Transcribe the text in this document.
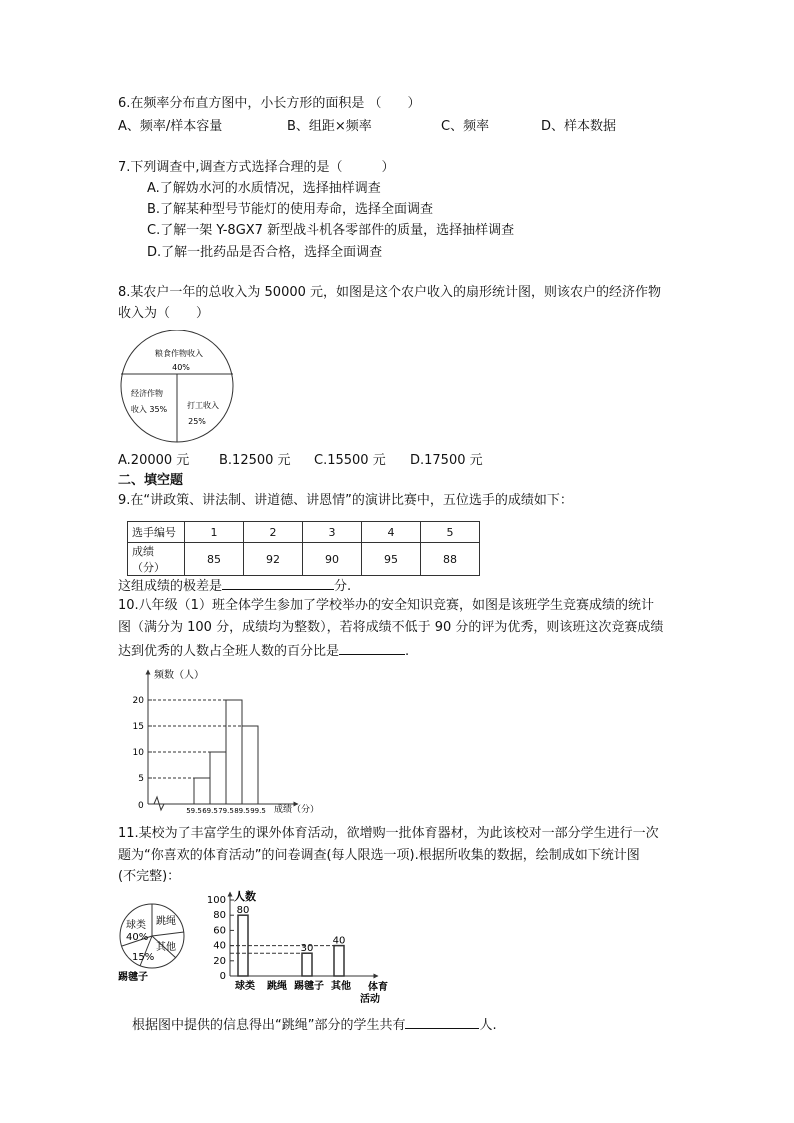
6.在频率分布直方图中，小长方形的面积是 （　　）
A、频率/样本容量	B、组距×频率	C、频率	D、样本数据
7.下列调查中,调查方式选择合理的是（　　　）
A.了解妫水河的水质情况，选择抽样调查
B.了解某种型号节能灯的使用寿命，选择全面调查
C.了解一架 Y-8GX7 新型战斗机各零部件的质量，选择抽样调查
D.了解一批药品是否合格，选择全面调查
8.某农户一年的总收入为 50000 元，如图是这个农户收入的扇形统计图，则该农户的经济作物
收入为（　　）
粮食作物收入
40%
经济作物
收入 35% 打工收入
25%
A.20000 元 B.12500 元 C.15500 元 D.17500 元
二、填空题
9.在“讲政策、讲法制、讲道德、讲恩情”的演讲比赛中，五位选手的成绩如下：
选手编号	1	2	3	4	5
成绩（分）	85	92	90	95	88
这组成绩的极差是	分.
10.八年级（1）班全体学生参加了学校举办的安全知识竞赛，如图是该班学生竞赛成绩的统计
图（满分为 100 分，成绩均为整数），若将成绩不低于 90 分的评为优秀，则该班这次竞赛成绩
达到优秀的人数占全班人数的百分比是	.
频数（人）
成绩（分）
0
5
10
15
20
59.5 69.5 79.5 89.5 99.5
11.某校为了丰富学生的课外体育活动，欲增购一批体育器材，为此该校对一部分学生进行一次
题为“你喜欢的体育活动”的问卷调查(每人限选一项).根据所收集的数据，绘制成如下统计图
(不完整)：
球类
40%
跳绳
其他
15%
踢毽子
人数
体育
活动
0
20
40
60
80
100
球类 跳绳 踢毽子 其他
80
30
40
根据图中提供的信息得出“跳绳”部分的学生共有	人.
